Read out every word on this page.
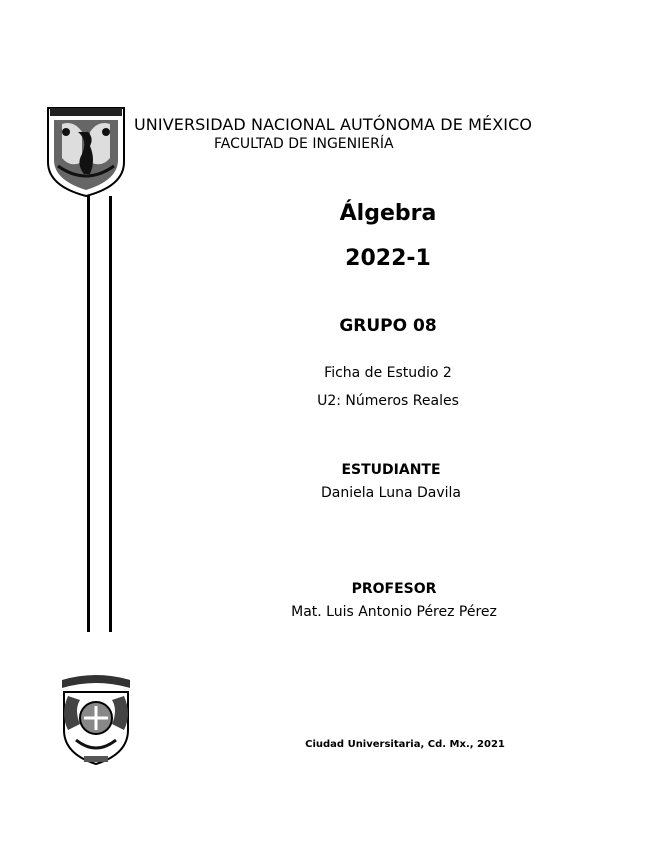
UNIVERSIDAD NACIONAL AUTÓNOMA DE MÉXICO
FACULTAD DE INGENIERÍA
Álgebra
2022-1
GRUPO 08
Ficha de Estudio 2
U2: Números Reales
ESTUDIANTE
Daniela Luna Davila
PROFESOR
Mat. Luis Antonio Pérez Pérez
Ciudad Universitaria, Cd. Mx., 2021
